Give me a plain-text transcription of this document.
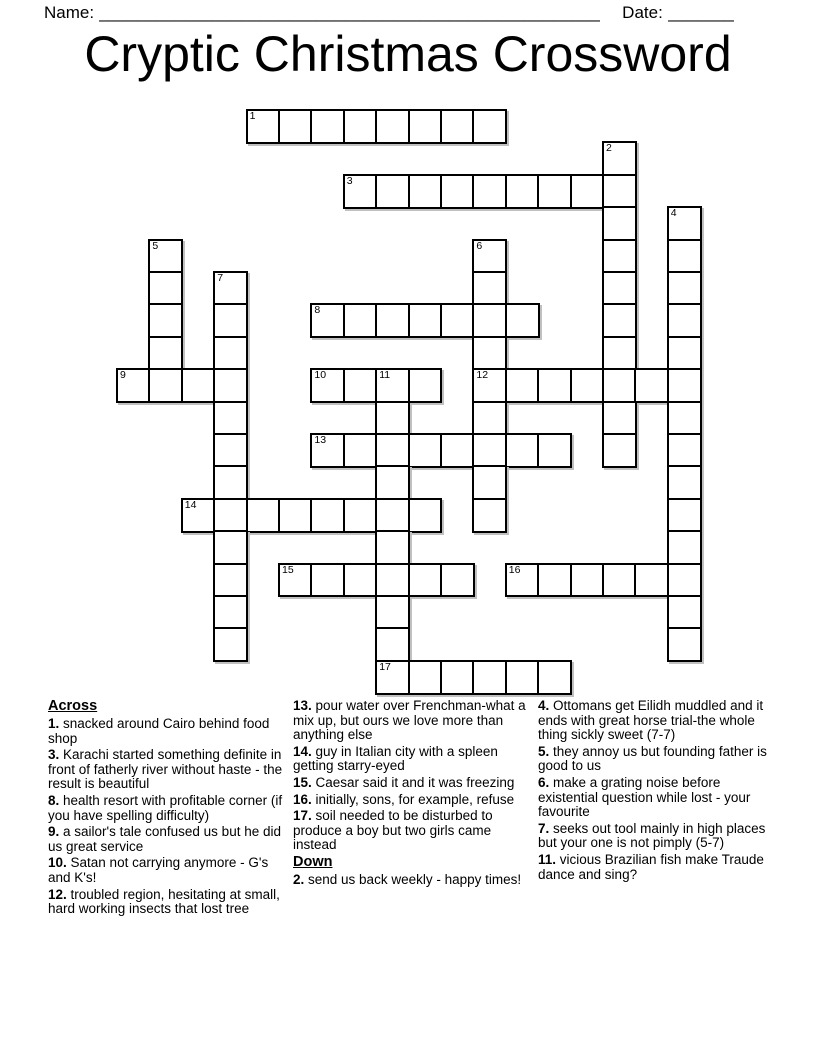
Name: _____________________________________________________ Date: _______
Cryptic Christmas Crossword
1
2
3
4
5	6
7
8
9	10	11	12
13
14
15	16
17
Across
1. snacked around Cairo behind food shop
3. Karachi started something definite in front of fatherly river without haste - the result is beautiful
8. health resort with profitable corner (if you have spelling difficulty)
9. a sailor's tale confused us but he did us great service
10. Satan not carrying anymore - G's and K's!
12. troubled region, hesitating at small, hard working insects that lost tree
13. pour water over Frenchman-what a mix up, but ours we love more than anything else
14. guy in Italian city with a spleen getting starry-eyed
15. Caesar said it and it was freezing
16. initially, sons, for example, refuse
17. soil needed to be disturbed to produce a boy but two girls came instead
Down
2. send us back weekly - happy times!
4. Ottomans get Eilidh muddled and it ends with great horse trial-the whole thing sickly sweet (7-7)
5. they annoy us but founding father is good to us
6. make a grating noise before existential question while lost - your favourite
7. seeks out tool mainly in high places but your one is not pimply (5-7)
11. vicious Brazilian fish make Traude dance and sing?
